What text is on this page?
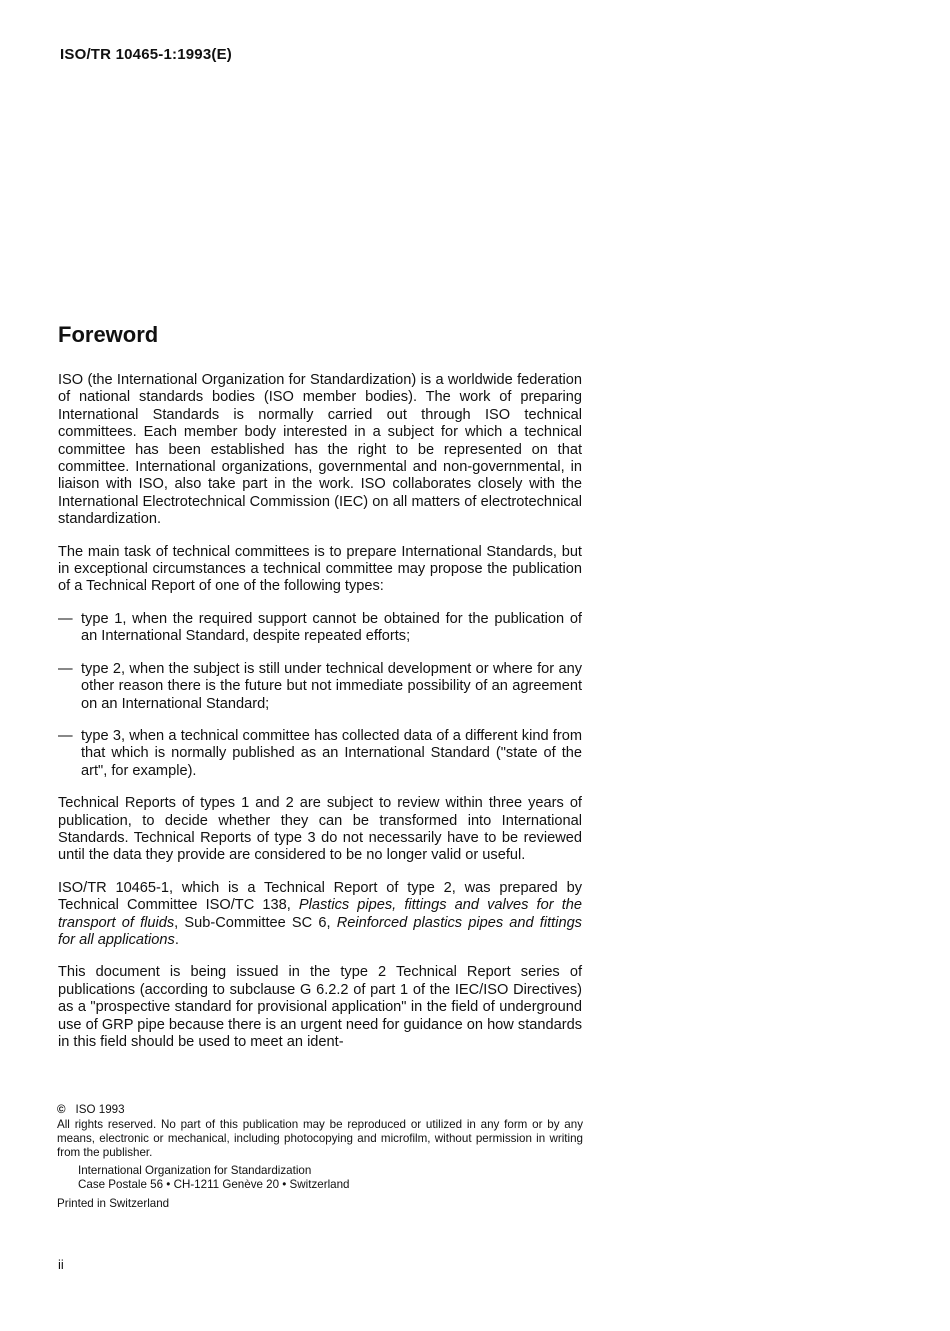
ISO/TR 10465-1:1993(E)
Foreword

ISO (the International Organization for Standardization) is a worldwide federation of national standards bodies (ISO member bodies). The work of preparing International Standards is normally carried out through ISO technical committees. Each member body interested in a subject for which a technical committee has been established has the right to be represented on that committee. International organizations, governmental and non-governmental, in liaison with ISO, also take part in the work. ISO collaborates closely with the International Electrotechnical Commission (IEC) on all matters of electrotechnical standardization.

The main task of technical committees is to prepare International Standards, but in exceptional circumstances a technical committee may propose the publication of a Technical Report of one of the following types:

— type 1, when the required support cannot be obtained for the publication of an International Standard, despite repeated efforts;
— type 2, when the subject is still under technical development or where for any other reason there is the future but not immediate possibility of an agreement on an International Standard;
— type 3, when a technical committee has collected data of a different kind from that which is normally published as an International Standard ("state of the art", for example).

Technical Reports of types 1 and 2 are subject to review within three years of publication, to decide whether they can be transformed into International Standards. Technical Reports of type 3 do not necessarily have to be reviewed until the data they provide are considered to be no longer valid or useful.

ISO/TR 10465-1, which is a Technical Report of type 2, was prepared by Technical Committee ISO/TC 138, Plastics pipes, fittings and valves for the transport of fluids, Sub-Committee SC 6, Reinforced plastics pipes and fittings for all applications.

This document is being issued in the type 2 Technical Report series of publications (according to subclause G 6.2.2 of part 1 of the IEC/ISO Directives) as a "prospective standard for provisional application" in the field of underground use of GRP pipe because there is an urgent need for guidance on how standards in this field should be used to meet an ident-

© ISO 1993
All rights reserved. No part of this publication may be reproduced or utilized in any form or by any means, electronic or mechanical, including photocopying and microfilm, without permission in writing from the publisher.
International Organization for Standardization
Case Postale 56 • CH-1211 Genève 20 • Switzerland
Printed in Switzerland
ii
